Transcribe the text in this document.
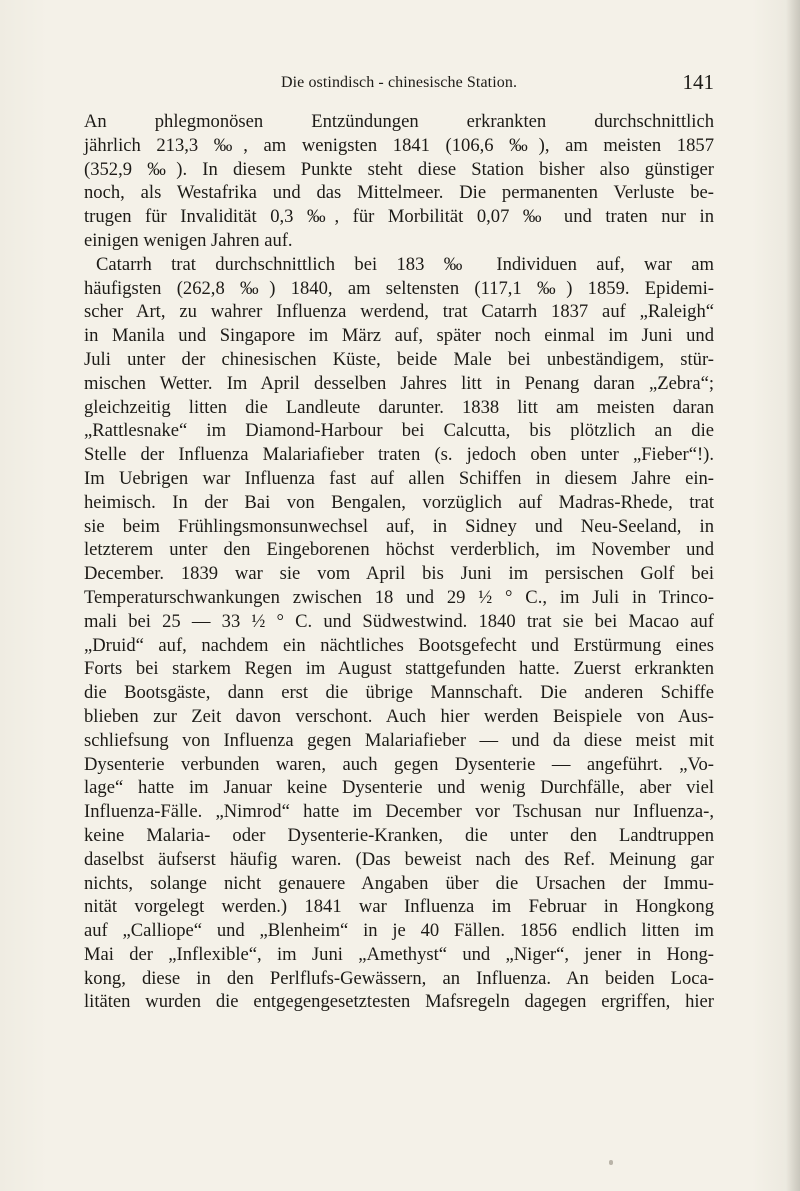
Die ostindisch - chinesische Station.	141
An phlegmonösen Entzündungen erkrankten durchschnittlich
jährlich 213,3 ‰, am wenigsten 1841 (106,6 ‰), am meisten 1857
(352,9 ‰). In diesem Punkte steht diese Station bisher also günstiger
noch, als Westafrika und das Mittelmeer. Die permanenten Verluste be-
trugen für Invalidität 0,3 ‰, für Morbilität 0,07 ‰ und traten nur in
einigen wenigen Jahren auf.
Catarrh trat durchschnittlich bei 183 ‰ Individuen auf, war am
häufigsten (262,8 ‰) 1840, am seltensten (117,1 ‰) 1859. Epidemi-
scher Art, zu wahrer Influenza werdend, trat Catarrh 1837 auf „Raleigh“
in Manila und Singapore im März auf, später noch einmal im Juni und
Juli unter der chinesischen Küste, beide Male bei unbeständigem, stür-
mischen Wetter. Im April desselben Jahres litt in Penang daran „Zebra“;
gleichzeitig litten die Landleute darunter. 1838 litt am meisten daran
„Rattlesnake“ im Diamond-Harbour bei Calcutta, bis plötzlich an die
Stelle der Influenza Malariafieber traten (s. jedoch oben unter „Fieber“!).
Im Uebrigen war Influenza fast auf allen Schiffen in diesem Jahre ein-
heimisch. In der Bai von Bengalen, vorzüglich auf Madras-Rhede, trat
sie beim Frühlingsmonsunwechsel auf, in Sidney und Neu-Seeland, in
letzterem unter den Eingeborenen höchst verderblich, im November und
December. 1839 war sie vom April bis Juni im persischen Golf bei
Temperaturschwankungen zwischen 18 und 29 ½ ° C., im Juli in Trinco-
mali bei 25 — 33 ½ ° C. und Südwestwind. 1840 trat sie bei Macao auf
„Druid“ auf, nachdem ein nächtliches Bootsgefecht und Erstürmung eines
Forts bei starkem Regen im August stattgefunden hatte. Zuerst erkrankten
die Bootsgäste, dann erst die übrige Mannschaft. Die anderen Schiffe
blieben zur Zeit davon verschont. Auch hier werden Beispiele von Aus-
schliefsung von Influenza gegen Malariafieber — und da diese meist mit
Dysenterie verbunden waren, auch gegen Dysenterie — angeführt. „Vo-
lage“ hatte im Januar keine Dysenterie und wenig Durchfälle, aber viel
Influenza-Fälle. „Nimrod“ hatte im December vor Tschusan nur Influenza-,
keine Malaria- oder Dysenterie-Kranken, die unter den Landtruppen
daselbst äufserst häufig waren. (Das beweist nach des Ref. Meinung gar
nichts, solange nicht genauere Angaben über die Ursachen der Immu-
nität vorgelegt werden.) 1841 war Influenza im Februar in Hongkong
auf „Calliope“ und „Blenheim“ in je 40 Fällen. 1856 endlich litten im
Mai der „Inflexible“, im Juni „Amethyst“ und „Niger“, jener in Hong-
kong, diese in den Perlflufs-Gewässern, an Influenza. An beiden Loca-
litäten wurden die entgegengesetztesten Mafsregeln dagegen ergriffen, hier
